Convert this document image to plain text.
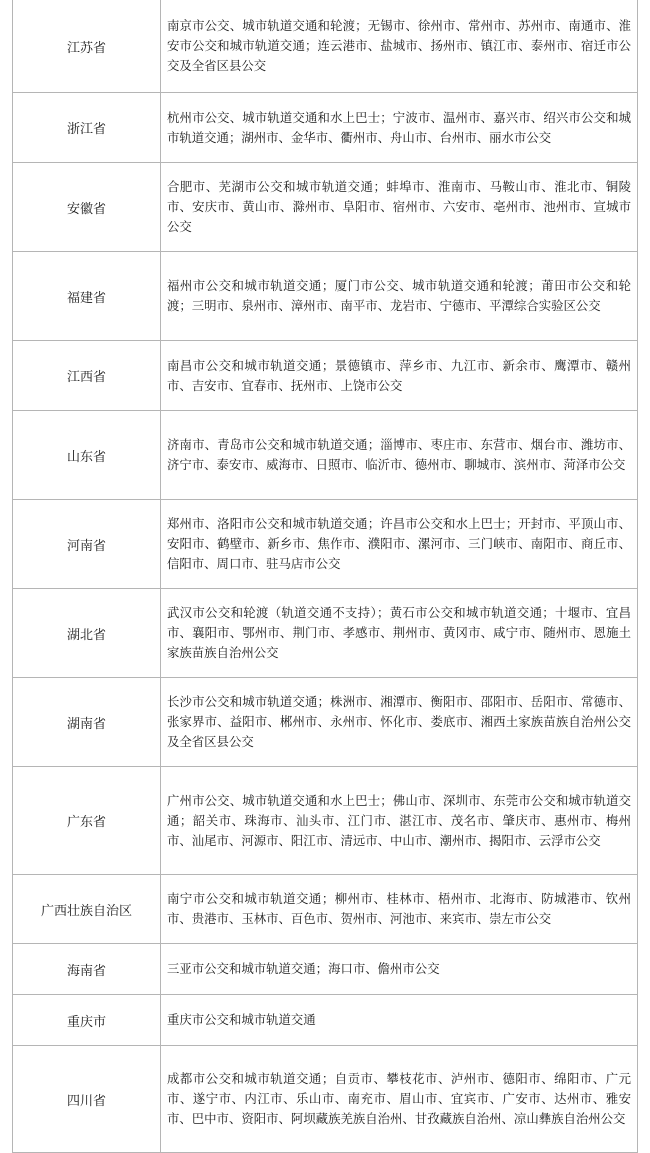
江苏省
南京市公交、城市轨道交通和轮渡；无锡市、徐州市、常州市、苏州市、南通市、淮安市公交和城市轨道交通；连云港市、盐城市、扬州市、镇江市、泰州市、宿迁市公交及全省区县公交
浙江省
杭州市公交、城市轨道交通和水上巴士；宁波市、温州市、嘉兴市、绍兴市公交和城市轨道交通；湖州市、金华市、衢州市、舟山市、台州市、丽水市公交
安徽省
合肥市、芜湖市公交和城市轨道交通；蚌埠市、淮南市、马鞍山市、淮北市、铜陵市、安庆市、黄山市、滁州市、阜阳市、宿州市、六安市、亳州市、池州市、宣城市公交
福建省
福州市公交和城市轨道交通；厦门市公交、城市轨道交通和轮渡；莆田市公交和轮渡；三明市、泉州市、漳州市、南平市、龙岩市、宁德市、平潭综合实验区公交
江西省
南昌市公交和城市轨道交通；景德镇市、萍乡市、九江市、新余市、鹰潭市、赣州市、吉安市、宜春市、抚州市、上饶市公交
山东省
济南市、青岛市公交和城市轨道交通；淄博市、枣庄市、东营市、烟台市、潍坊市、济宁市、泰安市、威海市、日照市、临沂市、德州市、聊城市、滨州市、菏泽市公交
河南省
郑州市、洛阳市公交和城市轨道交通；许昌市公交和水上巴士；开封市、平顶山市、安阳市、鹤壁市、新乡市、焦作市、濮阳市、漯河市、三门峡市、南阳市、商丘市、信阳市、周口市、驻马店市公交
湖北省
武汉市公交和轮渡（轨道交通不支持）；黄石市公交和城市轨道交通；十堰市、宜昌市、襄阳市、鄂州市、荆门市、孝感市、荆州市、黄冈市、咸宁市、随州市、恩施土家族苗族自治州公交
湖南省
长沙市公交和城市轨道交通；株洲市、湘潭市、衡阳市、邵阳市、岳阳市、常德市、张家界市、益阳市、郴州市、永州市、怀化市、娄底市、湘西土家族苗族自治州公交及全省区县公交
广东省
广州市公交、城市轨道交通和水上巴士；佛山市、深圳市、东莞市公交和城市轨道交通；韶关市、珠海市、汕头市、江门市、湛江市、茂名市、肇庆市、惠州市、梅州市、汕尾市、河源市、阳江市、清远市、中山市、潮州市、揭阳市、云浮市公交
广西壮族自治区
南宁市公交和城市轨道交通；柳州市、桂林市、梧州市、北海市、防城港市、钦州市、贵港市、玉林市、百色市、贺州市、河池市、来宾市、崇左市公交
海南省	三亚市公交和城市轨道交通；海口市、儋州市公交
重庆市	重庆市公交和城市轨道交通
四川省
成都市公交和城市轨道交通；自贡市、攀枝花市、泸州市、德阳市、绵阳市、广元市、遂宁市、内江市、乐山市、南充市、眉山市、宜宾市、广安市、达州市、雅安市、巴中市、资阳市、阿坝藏族羌族自治州、甘孜藏族自治州、凉山彝族自治州公交
